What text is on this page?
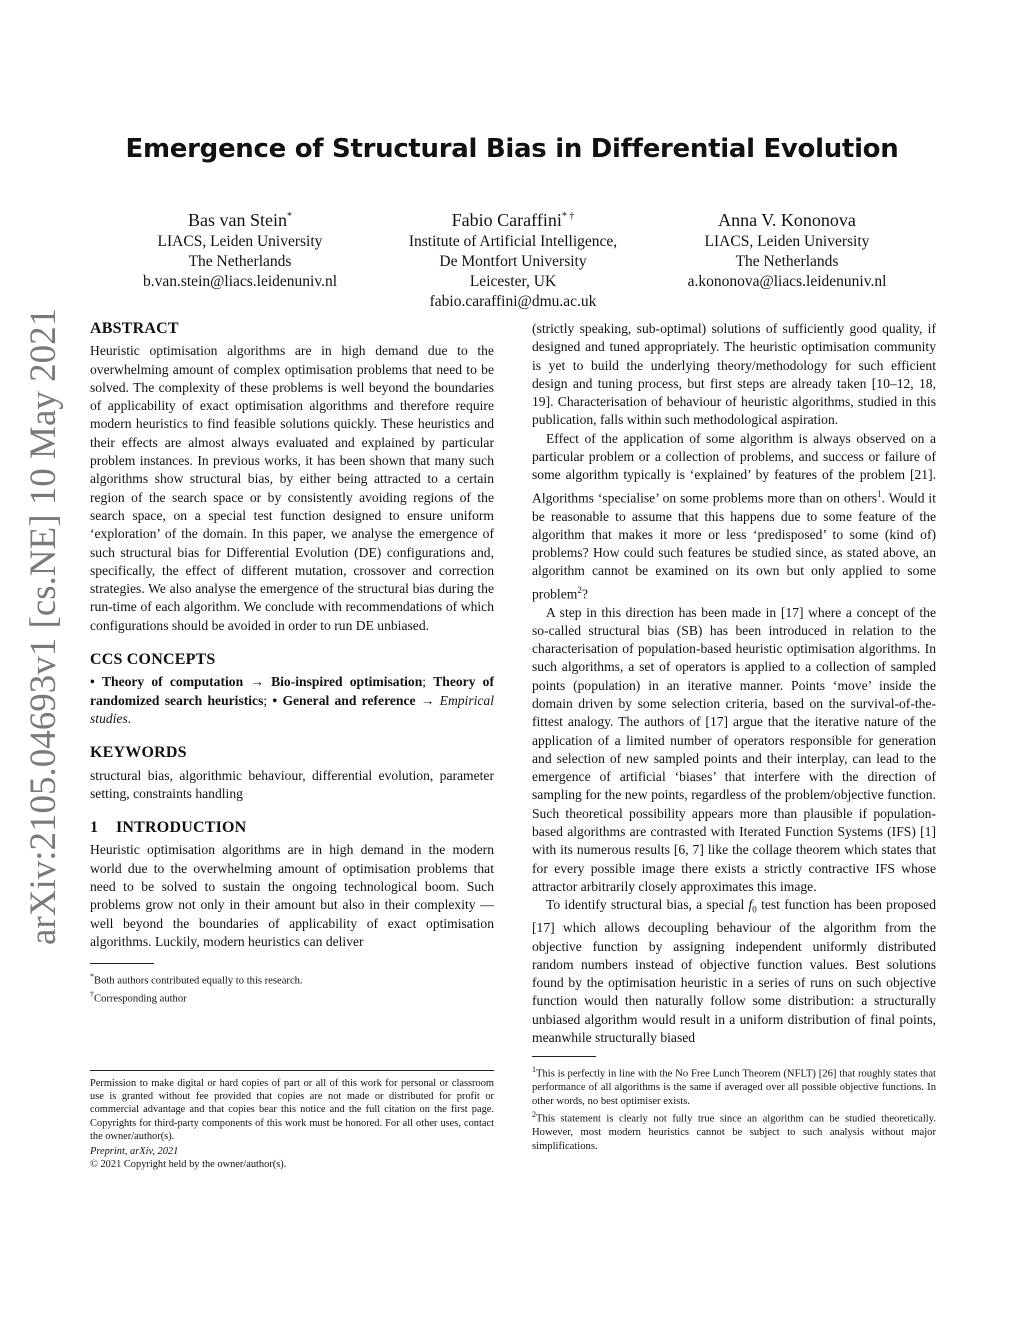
arXiv:2105.04693v1 [cs.NE] 10 May 2021
Emergence of Structural Bias in Differential Evolution
Bas van Stein*
LIACS, Leiden University
The Netherlands
b.van.stein@liacs.leidenuniv.nl
Fabio Caraffini* †
Institute of Artificial Intelligence,
De Montfort University
Leicester, UK
fabio.caraffini@dmu.ac.uk
Anna V. Kononova
LIACS, Leiden University
The Netherlands
a.kononova@liacs.leidenuniv.nl
ABSTRACT

Heuristic optimisation algorithms are in high demand due to the overwhelming amount of complex optimisation problems that need to be solved. The complexity of these problems is well beyond the boundaries of applicability of exact optimisation algorithms and therefore require modern heuristics to find feasible solutions quickly. These heuristics and their effects are almost always evaluated and explained by particular problem instances. In previous works, it has been shown that many such algorithms show structural bias, by either being attracted to a certain region of the search space or by consistently avoiding regions of the search space, on a special test function designed to ensure uniform ‘exploration’ of the domain. In this paper, we analyse the emergence of such structural bias for Differential Evolution (DE) configurations and, specifically, the effect of different mutation, crossover and correction strategies. We also analyse the emergence of the structural bias during the run-time of each algorithm. We conclude with recommendations of which configurations should be avoided in order to run DE unbiased.

CCS CONCEPTS

• Theory of computation → Bio-inspired optimisation; Theory of randomized search heuristics; • General and reference → Empirical studies.

KEYWORDS

structural bias, algorithmic behaviour, differential evolution, parameter setting, constraints handling

1 INTRODUCTION

Heuristic optimisation algorithms are in high demand in the modern world due to the overwhelming amount of optimisation problems that need to be solved to sustain the ongoing technological boom. Such problems grow not only in their amount but also in their complexity — well beyond the boundaries of applicability of exact optimisation algorithms. Luckily, modern heuristics can deliver

*Both authors contributed equally to this research.

†Corresponding author

Permission to make digital or hard copies of part or all of this work for personal or classroom use is granted without fee provided that copies are not made or distributed for profit or commercial advantage and that copies bear this notice and the full citation on the first page. Copyrights for third-party components of this work must be honored. For all other uses, contact the owner/author(s).

Preprint, arXiv, 2021

© 2021 Copyright held by the owner/author(s).

(strictly speaking, sub-optimal) solutions of sufficiently good quality, if designed and tuned appropriately. The heuristic optimisation community is yet to build the underlying theory/methodology for such efficient design and tuning process, but first steps are already taken [10–12, 18, 19]. Characterisation of behaviour of heuristic algorithms, studied in this publication, falls within such methodological aspiration.

Effect of the application of some algorithm is always observed on a particular problem or a collection of problems, and success or failure of some algorithm typically is ‘explained’ by features of the problem [21]. Algorithms ‘specialise’ on some problems more than on others$^1$. Would it be reasonable to assume that this happens due to some feature of the algorithm that makes it more or less ‘predisposed’ to some (kind of) problems? How could such features be studied since, as stated above, an algorithm cannot be examined on its own but only applied to some problem$^2$?

A step in this direction has been made in [17] where a concept of the so-called structural bias (SB) has been introduced in relation to the characterisation of population-based heuristic optimisation algorithms. In such algorithms, a set of operators is applied to a collection of sampled points (population) in an iterative manner. Points ‘move’ inside the domain driven by some selection criteria, based on the survival-of-the-fittest analogy. The authors of [17] argue that the iterative nature of the application of a limited number of operators responsible for generation and selection of new sampled points and their interplay, can lead to the emergence of artificial ‘biases’ that interfere with the direction of sampling for the new points, regardless of the problem/objective function. Such theoretical possibility appears more than plausible if population-based algorithms are contrasted with Iterated Function Systems (IFS) [1] with its numerous results [6, 7] like the collage theorem which states that for every possible image there exists a strictly contractive IFS whose attractor arbitrarily closely approximates this image.

To identify structural bias, a special $f_0$ test function has been proposed [17] which allows decoupling behaviour of the algorithm from the objective function by assigning independent uniformly distributed random numbers instead of objective function values. Best solutions found by the optimisation heuristic in a series of runs on such objective function would then naturally follow some distribution: a structurally unbiased algorithm would result in a uniform distribution of final points, meanwhile structurally biased

$^1$This is perfectly in line with the No Free Lunch Theorem (NFLT) [26] that roughly states that performance of all algorithms is the same if averaged over all possible objective functions. In other words, no best optimiser exists.

$^2$This statement is clearly not fully true since an algorithm can be studied theoretically. However, most modern heuristics cannot be subject to such analysis without major simplifications.
